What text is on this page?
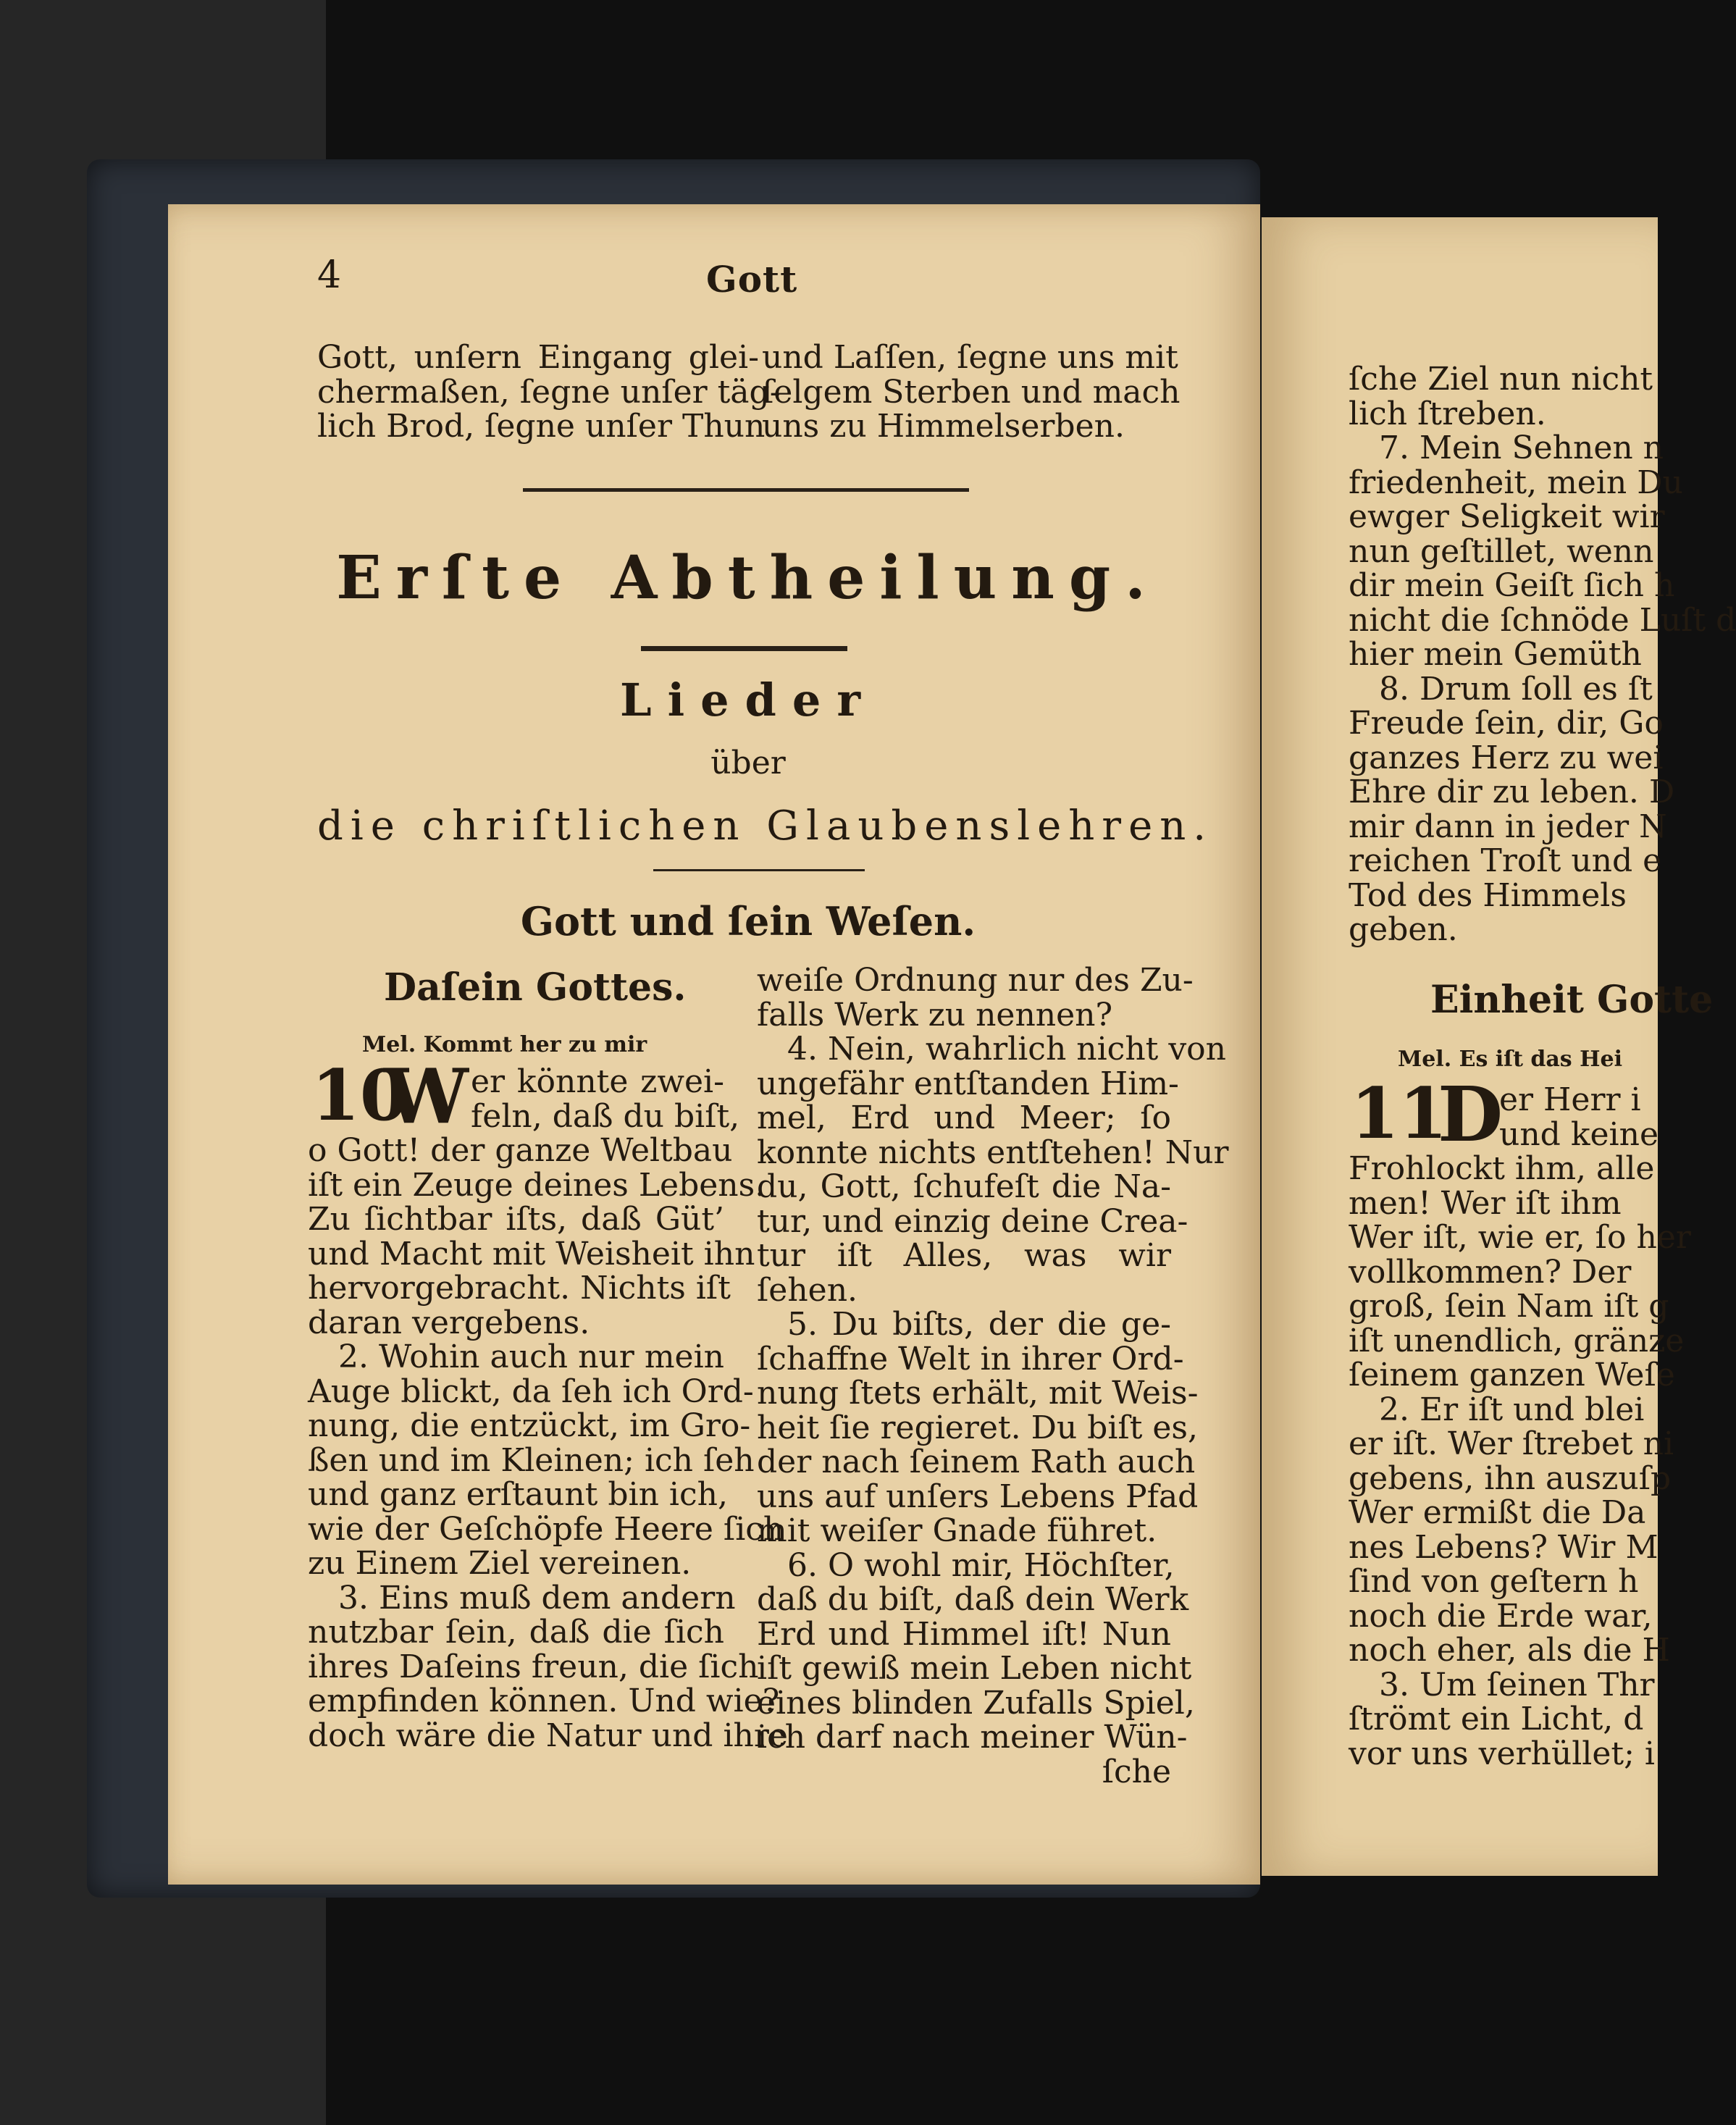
4	Gott
Gott, unſern Eingang glei-
chermaßen, ſegne unſer täg-
lich Brod, ſegne unſer Thun
und Laſſen, ſegne uns mit
ſelgem Sterben und mach
uns zu Himmelserben.
Erſte Abtheilung.
Lieder
über
die chriſtlichen Glaubenslehren.
Gott und ſein Weſen.
Daſein Gottes.
Mel. Kommt her zu mir
10
W er könnte zwei-
feln, daß du biſt,
o Gott! der ganze Weltbau
iſt ein Zeuge deines Lebens.
Zu ſichtbar iſts, daß Güt’
und Macht mit Weisheit ihn
hervorgebracht. Nichts iſt
daran vergebens.
2. Wohin auch nur mein
Auge blickt, da ſeh ich Ord-
nung, die entzückt, im Gro-
ßen und im Kleinen; ich ſeh
und ganz erſtaunt bin ich,
wie der Geſchöpfe Heere ſich
zu Einem Ziel vereinen.
3. Eins muß dem andern
nutzbar ſein, daß die ſich
ihres Daſeins freun, die ſich
empfinden können. Und wie?
doch wäre die Natur und ihre
weiſe Ordnung nur des Zu-
falls Werk zu nennen?
4. Nein, wahrlich nicht von
ungefähr entſtanden Him-
mel, Erd und Meer; ſo
konnte nichts entſtehen! Nur
du, Gott, ſchufeſt die Na-
tur, und einzig deine Crea-
tur iſt Alles, was wir
ſehen.
5. Du biſts, der die ge-
ſchaffne Welt in ihrer Ord-
nung ſtets erhält, mit Weis-
heit ſie regieret. Du biſt es,
der nach ſeinem Rath auch
uns auf unſers Lebens Pfad
mit weiſer Gnade führet.
6. O wohl mir, Höchſter,
daß du biſt, daß dein Werk
Erd und Himmel iſt! Nun
iſt gewiß mein Leben nicht
eines blinden Zufalls Spiel,
ich darf nach meiner Wün-
ſche
ſche Ziel nun nicht
lich ſtreben.
7. Mein Sehnen n
friedenheit, mein Du
ewger Seligkeit wir
nun geſtillet, wenn
dir mein Geiſt ſich h
nicht die ſchnöde Luſt d
hier mein Gemüth
8. Drum ſoll es ſt
Freude ſein, dir, Go
ganzes Herz zu wei
Ehre dir zu leben. D
mir dann in jeder N
reichen Troſt und e
Tod des Himmels
geben.
Einheit Gotte
Mel. Es iſt das Hei
11
D
er Herr i
und keine
Frohlockt ihm, alle
men! Wer iſt ihm
Wer iſt, wie er, ſo her
vollkommen? Der
groß, ſein Nam iſt g
iſt unendlich, gränze
ſeinem ganzen Weſe
2. Er iſt und blei
er iſt. Wer ſtrebet ni
gebens, ihn auszuſp
Wer ermißt die Da
nes Lebens? Wir M
ſind von geſtern h
noch die Erde war,
noch eher, als die H
3. Um ſeinen Thr
ſtrömt ein Licht, d
vor uns verhüllet; i
